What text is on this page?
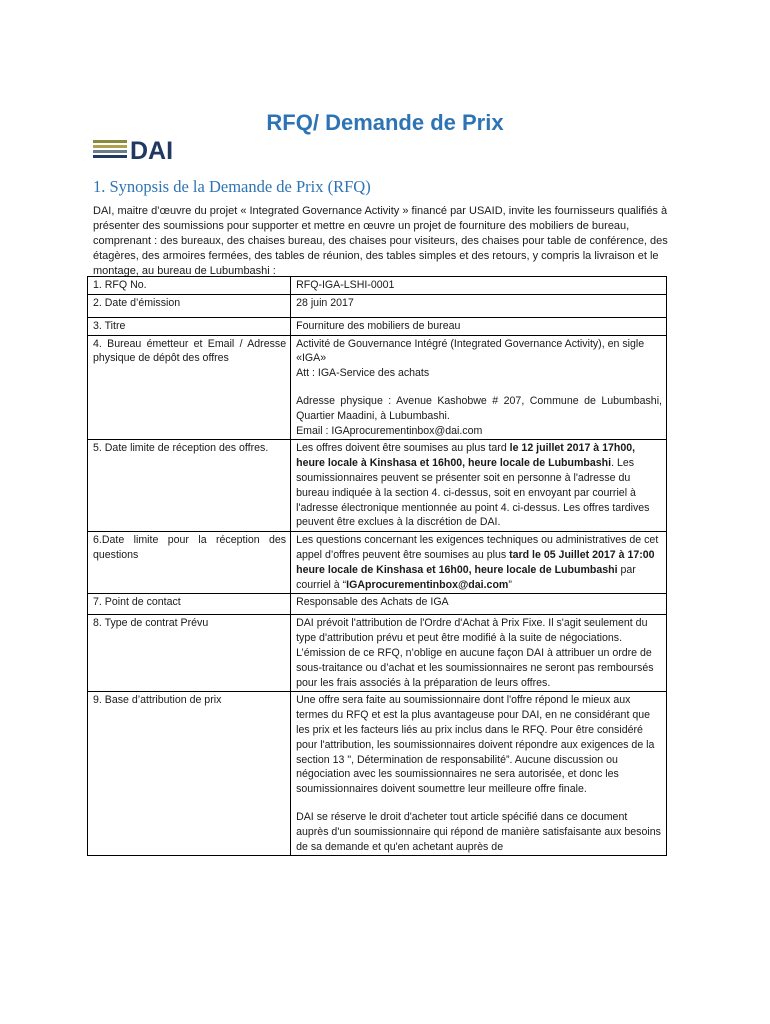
RFQ/ Demande de Prix
DAI
1. Synopsis de la Demande de Prix (RFQ)
DAI, maitre d’œuvre du projet « Integrated Governance Activity » financé par USAID, invite les fournisseurs qualifiés à présenter des soumissions pour supporter et mettre en œuvre un projet de fourniture des mobiliers de bureau, comprenant : des bureaux, des chaises bureau, des chaises pour visiteurs, des chaises pour table de conférence, des étagères, des armoires fermées, des tables de réunion, des tables simples et des retours, y compris la livraison et le montage, au bureau de Lubumbashi :
1. RFQ No.	RFQ-IGA-LSHI-0001
2. Date d’émission	28 juin 2017
3. Titre	Fourniture des mobiliers de bureau
4. Bureau émetteur et Email / Adresse physique de dépôt des offres	Activité de Gouvernance Intégré (Integrated Governance Activity), en sigle «IGA»
Att : IGA-Service des achats
Adresse physique : Avenue Kashobwe # 207, Commune de Lubumbashi, Quartier Maadini, à Lubumbashi.
Email : IGAprocurementinbox@dai.com

5. Date limite de réception des offres.	Les offres doivent être soumises au plus tard le 12 juillet 2017 à 17h00, heure locale à Kinshasa et 16h00, heure locale de Lubumbashi. Les soumissionnaires peuvent se présenter soit en personne à l'adresse du bureau indiquée à la section 4. ci-dessus, soit en envoyant par courriel à l'adresse électronique mentionnée au point 4. ci-dessus. Les offres tardives peuvent être exclues à la discrétion de DAI.
6.Date limite pour la réception des questions	Les questions concernant les exigences techniques ou administratives de cet appel d’offres peuvent être soumises au plus tard le 05 Juillet 2017 à 17:00 heure locale de Kinshasa et 16h00, heure locale de Lubumbashi par courriel à “IGAprocurementinbox@dai.com”
7. Point de contact	Responsable des Achats de IGA
8. Type de contrat Prévu	DAI prévoit l'attribution de l'Ordre d'Achat à Prix Fixe. Il s'agit seulement du type d'attribution prévu et peut être modifié à la suite de négociations.
L’émission de ce RFQ, n’oblige en aucune façon DAI à attribuer un ordre de sous-traitance ou d’achat et les soumissionnaires ne seront pas remboursés pour les frais associés à la préparation de leurs offres.

9. Base d’attribution de prix	Une offre sera faite au soumissionnaire dont l'offre répond le mieux aux termes du RFQ et est la plus avantageuse pour DAI, en ne considérant que les prix et les facteurs liés au prix inclus dans le RFQ. Pour être considéré pour l'attribution, les soumissionnaires doivent répondre aux exigences de la section 13 ", Détermination de responsabilité”. Aucune discussion ou négociation avec les soumissionnaires ne sera autorisée, et donc les soumissionnaires doivent soumettre leur meilleure offre finale.
DAI se réserve le droit d'acheter tout article spécifié dans ce document auprès d'un soumissionnaire qui répond de manière satisfaisante aux besoins de sa demande et qu'en achetant auprès de
